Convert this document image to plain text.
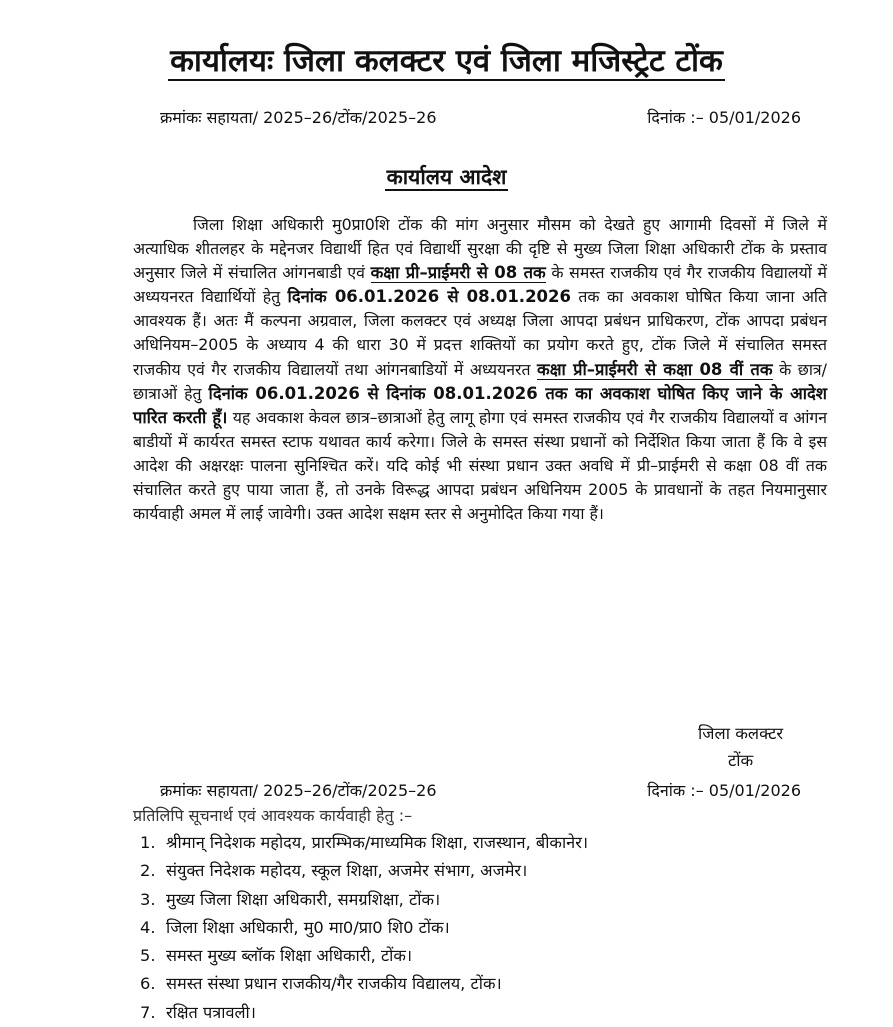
कार्यालयः जिला कलक्टर एवं जिला मजिस्ट्रेट टोंक
क्रमांकः सहायता/ 2025–26/टोंक/2025–26	दिनांक :– 05/01/2026
कार्यालय आदेश
जिला शिक्षा अधिकारी मु0प्रा0शि टोंक की मांग अनुसार मौसम को देखते हुए आगामी दिवसों में जिले में अत्याधिक शीतलहर के मद्देनजर विद्यार्थी हित एवं विद्यार्थी सुरक्षा की दृष्टि से मुख्य जिला शिक्षा अधिकारी टोंक के प्रस्ताव अनुसार जिले में संचालित आंगनबाडी एवं कक्षा प्री–प्राईमरी से 08 तक के समस्त राजकीय एवं गैर राजकीय विद्यालयों में अध्ययनरत विद्यार्थियों हेतु दिनांक 06.01.2026 से 08.01.2026 तक का अवकाश घोषित किया जाना अति आवश्यक हैं। अतः मैं कल्पना अग्रवाल, जिला कलक्टर एवं अध्यक्ष जिला आपदा प्रबंधन प्राधिकरण, टोंक आपदा प्रबंधन अधिनियम–2005 के अध्याय 4 की धारा 30 में प्रदत्त शक्तियों का प्रयोग करते हुए, टोंक जिले में संचालित समस्त राजकीय एवं गैर राजकीय विद्यालयों तथा आंगनबाडियों में अध्ययनरत कक्षा प्री–प्राईमरी से कक्षा 08 वीं तक के छात्र/छात्राओं हेतु दिनांक 06.01.2026 से दिनांक 08.01.2026 तक का अवकाश घोषित किए जाने के आदेश पारित करती हूँ। यह अवकाश केवल छात्र–छात्राओं हेतु लागू होगा एवं समस्त राजकीय एवं गैर राजकीय विद्यालयों व आंगन बाडीयों में कार्यरत समस्त स्टाफ यथावत कार्य करेगा। जिले के समस्त संस्था प्रधानों को निर्देशित किया जाता हैं कि वे इस आदेश की अक्षरक्षः पालना सुनिश्चित करें। यदि कोई भी संस्था प्रधान उक्त अवधि में प्री–प्राईमरी से कक्षा 08 वीं तक संचालित करते हुए पाया जाता हैं, तो उनके विरूद्ध आपदा प्रबंधन अधिनियम 2005 के प्रावधानों के तहत नियमानुसार कार्यवाही अमल में लाई जावेगी। उक्त आदेश सक्षम स्तर से अनुमोदित किया गया हैं।
जिला कलक्टर
टोंक
क्रमांकः सहायता/ 2025–26/टोंक/2025–26	दिनांक :– 05/01/2026
प्रतिलिपि सूचनार्थ एवं आवश्यक कार्यवाही हेतु :–
1. श्रीमान् निदेशक महोदय, प्रारम्भिक/माध्यमिक शिक्षा, राजस्थान, बीकानेर।
2. संयुक्त निदेशक महोदय, स्कूल शिक्षा, अजमेर संभाग, अजमेर।
3. मुख्य जिला शिक्षा अधिकारी, समग्रशिक्षा, टोंक।
4. जिला शिक्षा अधिकारी, मु0 मा0/प्रा0 शि0 टोंक।
5. समस्त मुख्य ब्लॉक शिक्षा अधिकारी, टोंक।
6. समस्त संस्था प्रधान राजकीय/गैर राजकीय विद्यालय, टोंक।
7. रक्षित पत्रावली।
